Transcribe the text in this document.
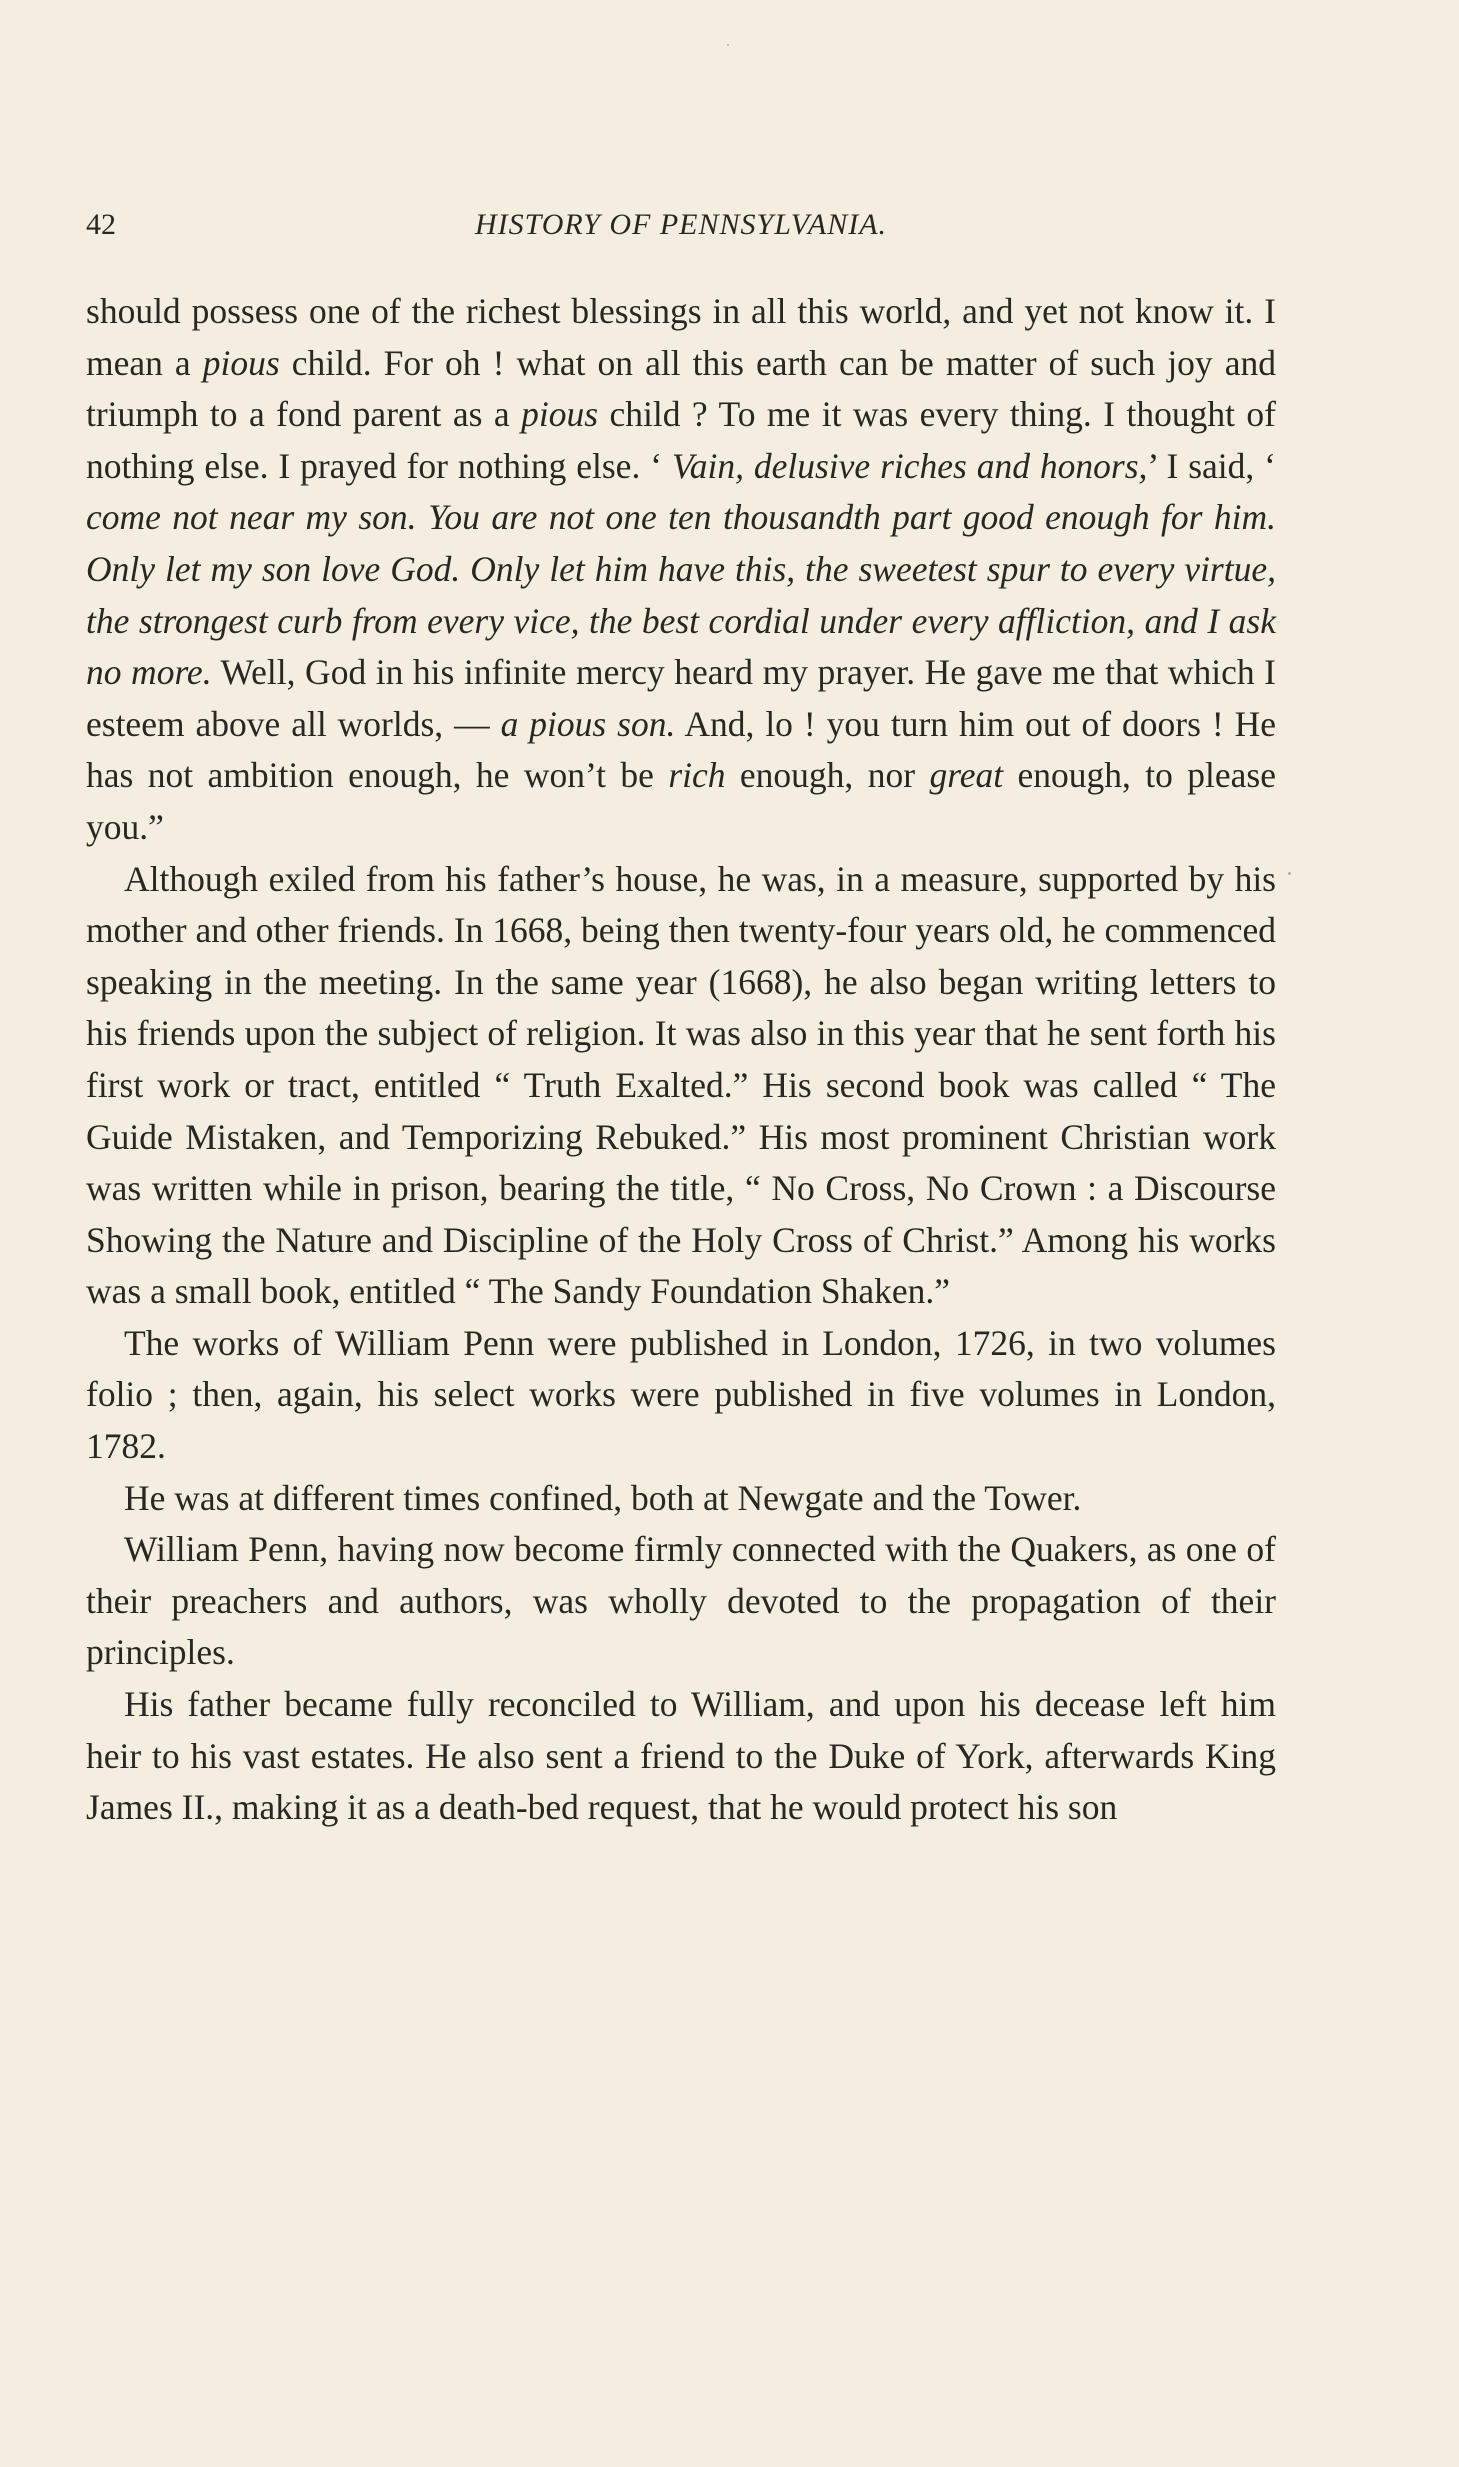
42	HISTORY OF PENNSYLVANIA.

should possess one of the richest blessings in all this world, and yet not know it. I mean a pious child. For oh ! what on all this earth can be matter of such joy and triumph to a fond parent as a pious child ? To me it was every thing. I thought of nothing else. I prayed for nothing else. ‘ Vain, delusive riches and honors,’ I said, ‘ come not near my son. You are not one ten thousandth part good enough for him. Only let my son love God. Only let him have this, the sweetest spur to every virtue, the strongest curb from every vice, the best cordial under every affliction, and I ask no more. Well, God in his infinite mercy heard my prayer. He gave me that which I esteem above all worlds, — a pious son. And, lo ! you turn him out of doors ! He has not ambition enough, he won’t be rich enough, nor great enough, to please you.”

Although exiled from his father’s house, he was, in a measure, supported by his mother and other friends. In 1668, being then twenty-four years old, he commenced speaking in the meeting. In the same year (1668), he also began writing letters to his friends upon the subject of religion. It was also in this year that he sent forth his first work or tract, entitled “ Truth Exalted.” His second book was called “ The Guide Mistaken, and Temporizing Rebuked.” His most prominent Christian work was written while in prison, bearing the title, “ No Cross, No Crown : a Discourse Showing the Nature and Discipline of the Holy Cross of Christ.” Among his works was a small book, entitled “ The Sandy Foundation Shaken.”

The works of William Penn were published in London, 1726, in two volumes folio ; then, again, his select works were published in five volumes in London, 1782.

He was at different times confined, both at Newgate and the Tower.

William Penn, having now become firmly connected with the Quakers, as one of their preachers and authors, was wholly devoted to the propagation of their principles.

His father became fully reconciled to William, and upon his decease left him heir to his vast estates. He also sent a friend to the Duke of York, afterwards King James II., making it as a death-bed request, that he would protect his son
